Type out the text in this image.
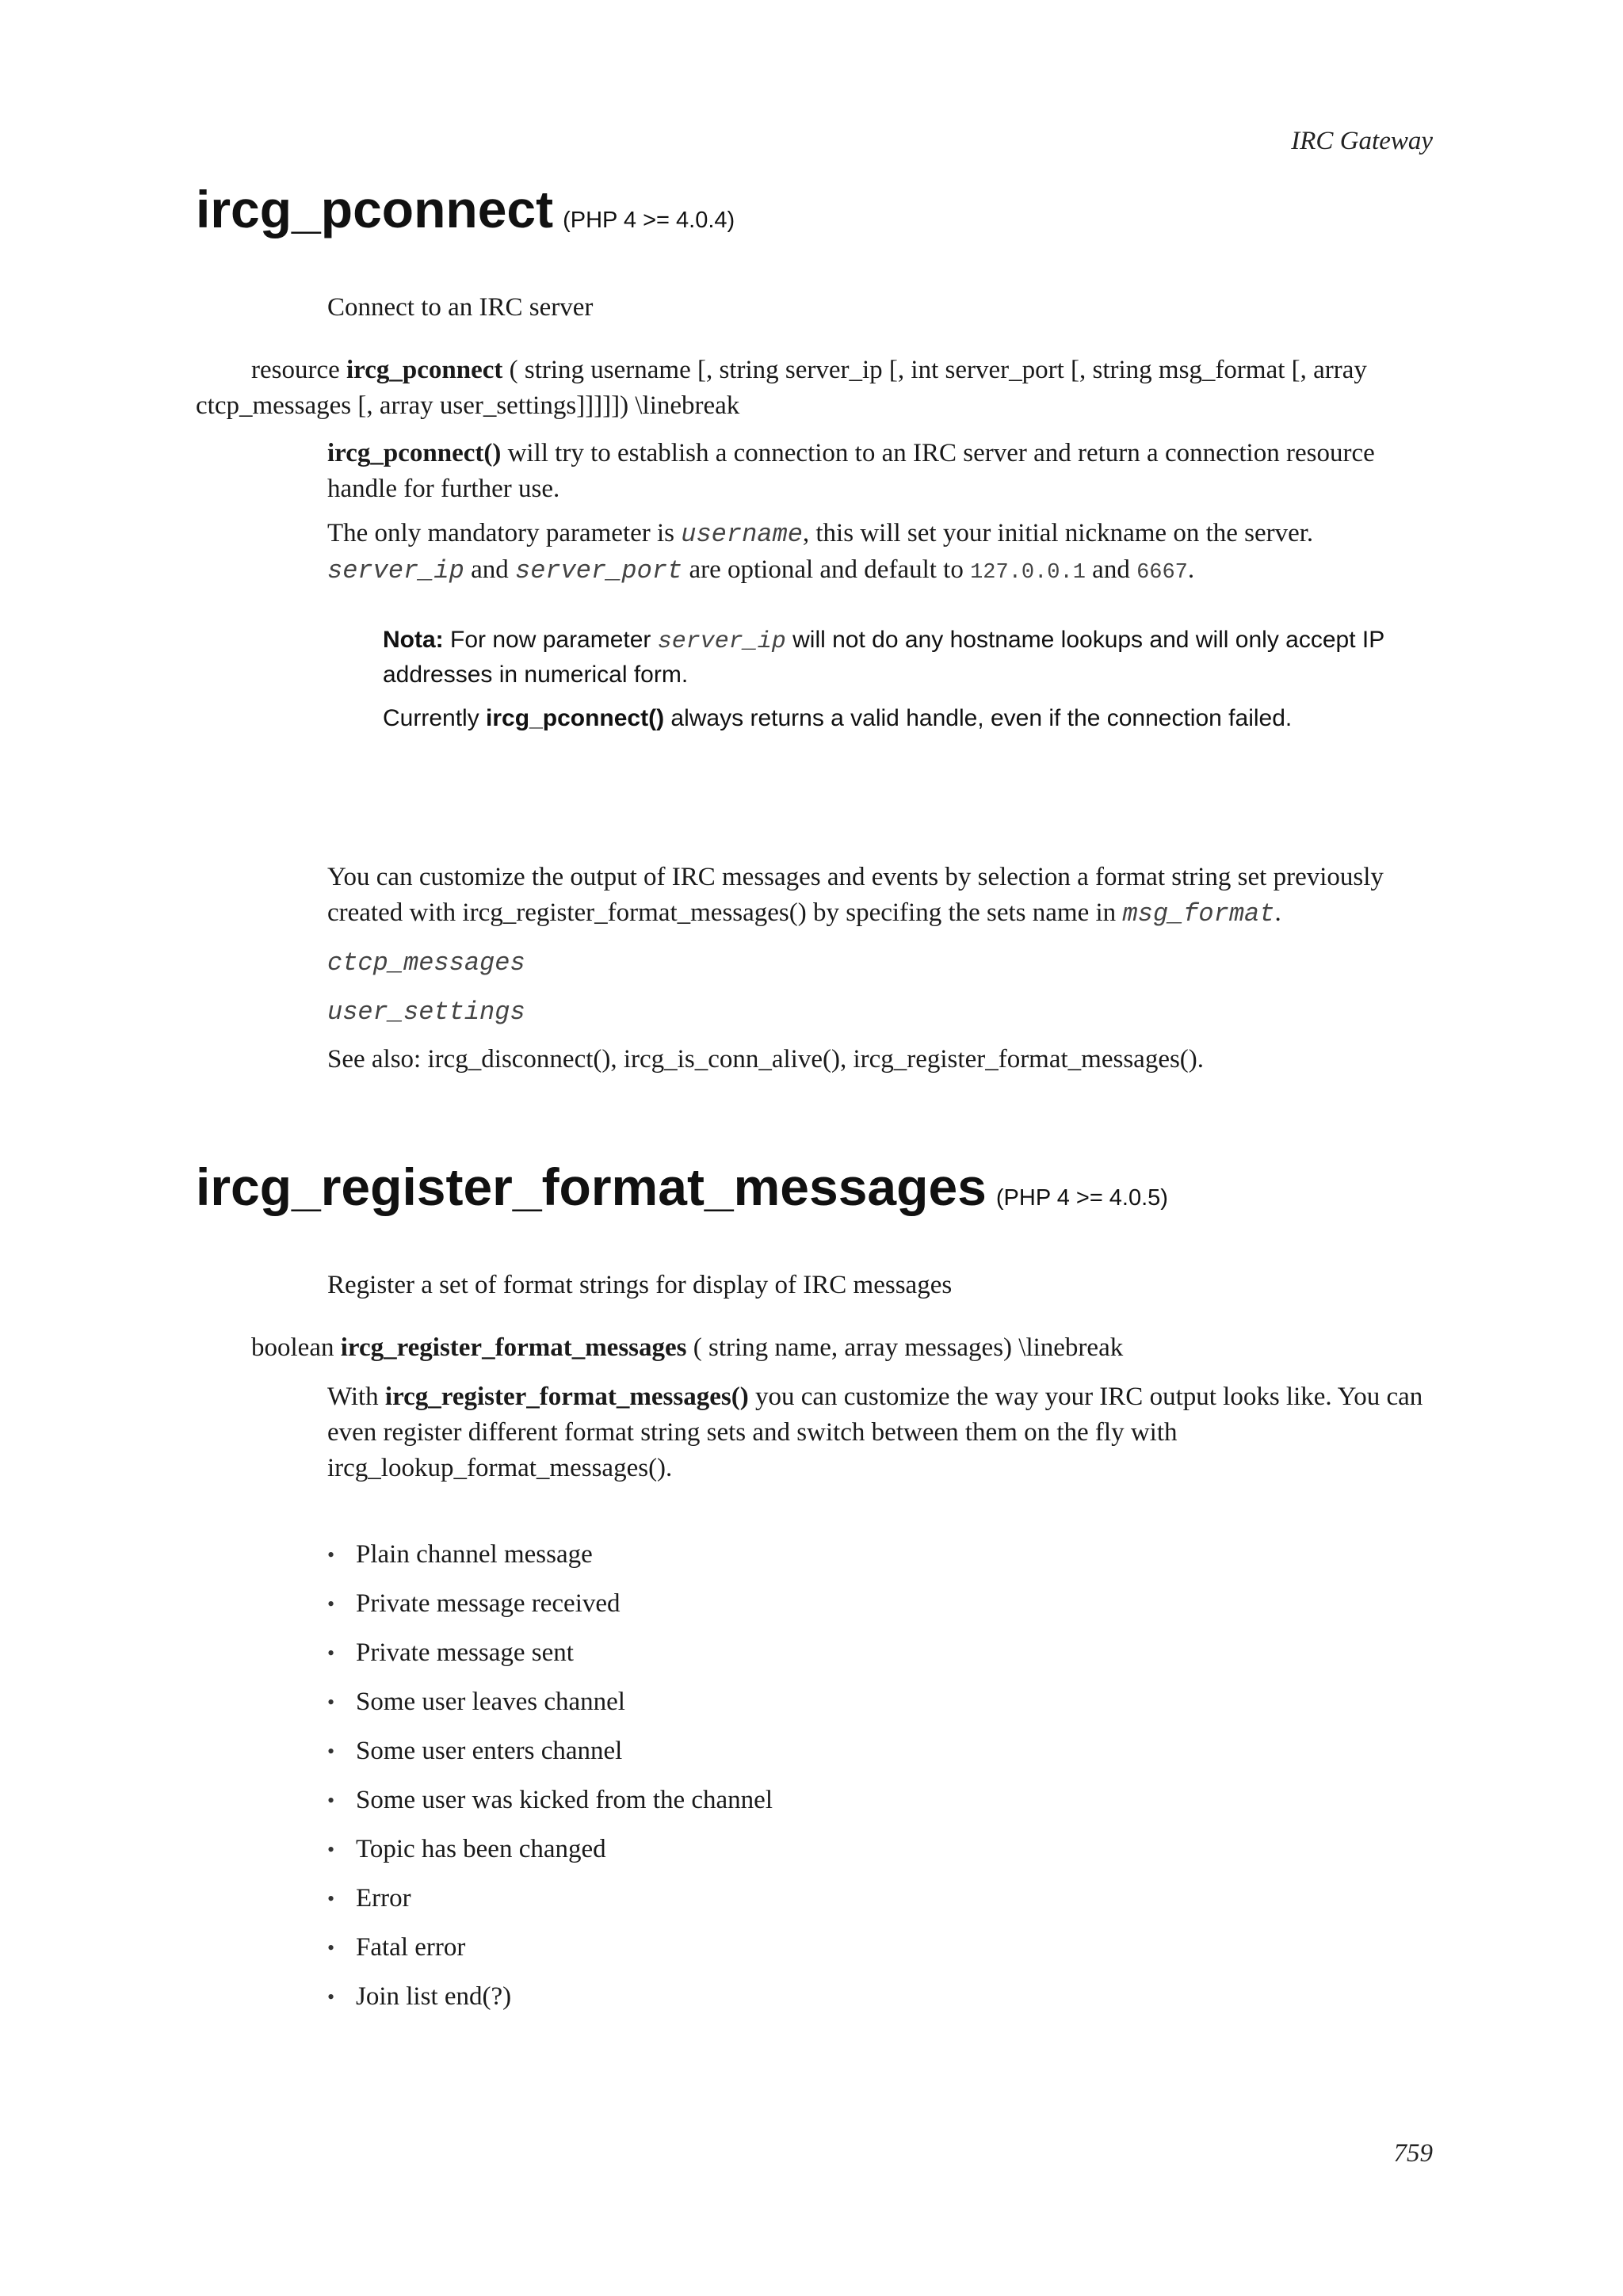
IRC Gateway
ircg_pconnect (PHP 4 >= 4.0.4)
Connect to an IRC server
resource ircg_pconnect ( string username [, string server_ip [, int server_port [, string msg_format [, array ctcp_messages [, array user_settings]]]]]) \linebreak
ircg_pconnect() will try to establish a connection to an IRC server and return a connection resource handle for further use.
The only mandatory parameter is username, this will set your initial nickname on the server. server_ip and server_port are optional and default to 127.0.0.1 and 6667.
Nota: For now parameter server_ip will not do any hostname lookups and will only accept IP addresses in numerical form.
Currently ircg_pconnect() always returns a valid handle, even if the connection failed.
You can customize the output of IRC messages and events by selection a format string set previously created with ircg_register_format_messages() by specifing the sets name in msg_format.
ctcp_messages
user_settings
See also: ircg_disconnect(), ircg_is_conn_alive(), ircg_register_format_messages().
ircg_register_format_messages (PHP 4 >= 4.0.5)
Register a set of format strings for display of IRC messages
boolean ircg_register_format_messages ( string name, array messages) \linebreak
With ircg_register_format_messages() you can customize the way your IRC output looks like. You can even register different format string sets and switch between them on the fly with ircg_lookup_format_messages().
• Plain channel message
• Private message received
• Private message sent
• Some user leaves channel
• Some user enters channel
• Some user was kicked from the channel
• Topic has been changed
• Error
• Fatal error
• Join list end(?)
759
